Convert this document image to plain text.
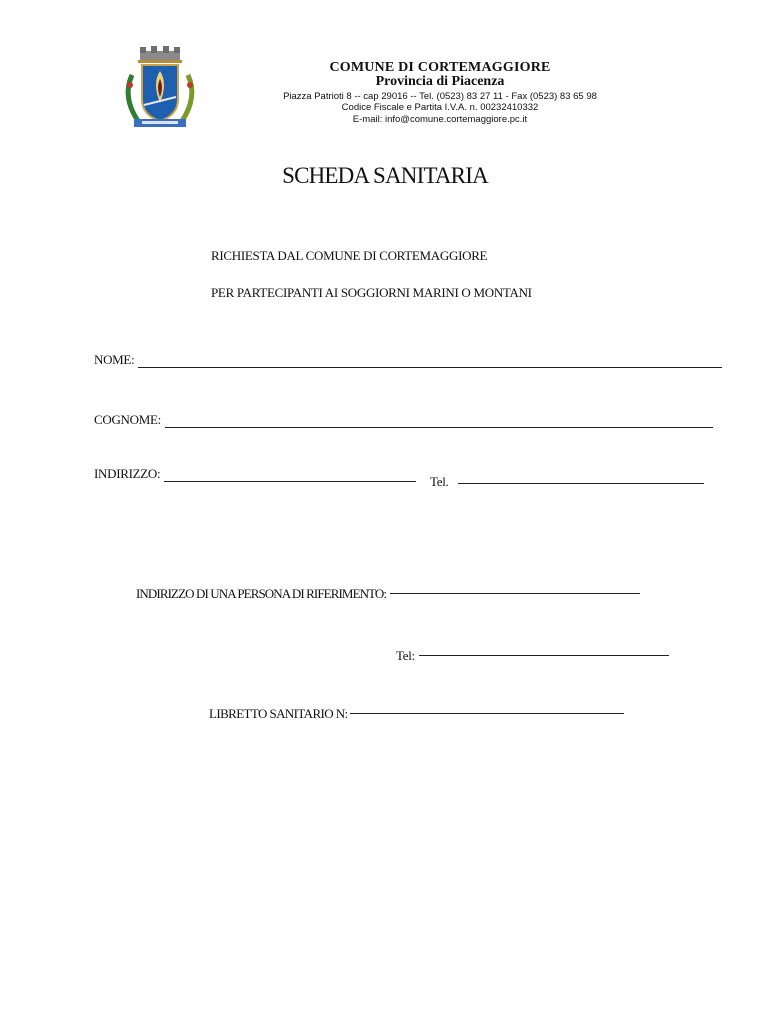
COMUNE DI CORTEMAGGIORE
Provincia di Piacenza
Piazza Patrioti 8 -- cap 29016 -- Tel. (0523) 83 27 11 - Fax (0523) 83 65 98
Codice Fiscale e Partita I.V.A. n. 00232410332
E-mail: info@comune.cortemaggiore.pc.it
SCHEDA SANITARIA
RICHIESTA DAL COMUNE DI CORTEMAGGIORE
PER PARTECIPANTI AI SOGGIORNI MARINI O MONTANI
NOME:
COGNOME:
INDIRIZZO:
Tel.
INDIRIZZO DI UNA PERSONA DI RIFERIMENTO:
Tel:
LIBRETTO SANITARIO N:
